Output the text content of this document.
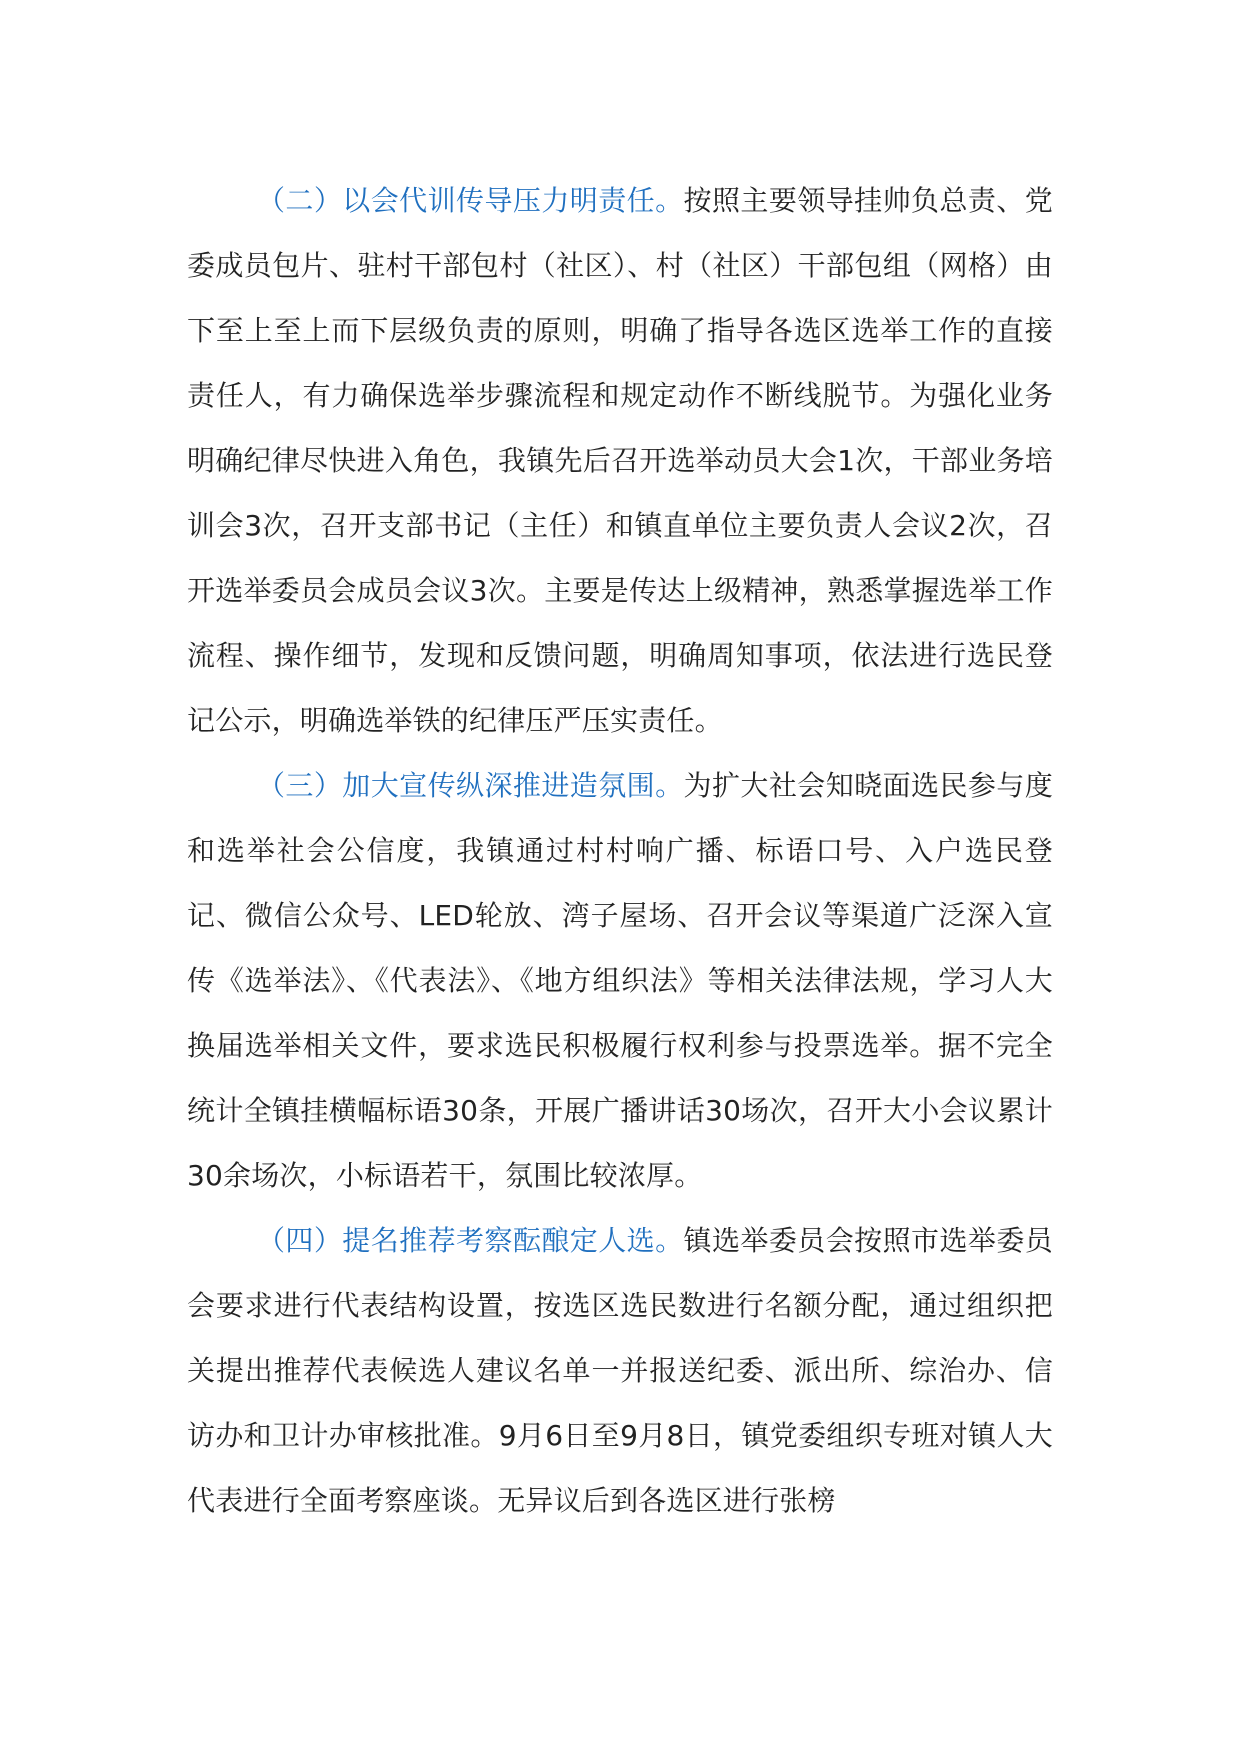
（二）以会代训传导压力明责任。按照主要领导挂帅负总责、党委成员包片、驻村干部包村（社区）、村（社区）干部包组（网格）由下至上至上而下层级负责的原则，明确了指导各选区选举工作的直接责任人，有力确保选举步骤流程和规定动作不断线脱节。为强化业务明确纪律尽快进入角色，我镇先后召开选举动员大会1次，干部业务培训会3次，召开支部书记（主任）和镇直单位主要负责人会议2次，召开选举委员会成员会议3次。主要是传达上级精神，熟悉掌握选举工作流程、操作细节，发现和反馈问题，明确周知事项，依法进行选民登记公示，明确选举铁的纪律压严压实责任。

（三）加大宣传纵深推进造氛围。为扩大社会知晓面选民参与度和选举社会公信度，我镇通过村村响广播、标语口号、入户选民登记、微信公众号、LED轮放、湾子屋场、召开会议等渠道广泛深入宣传《选举法》、《代表法》、《地方组织法》等相关法律法规，学习人大换届选举相关文件，要求选民积极履行权利参与投票选举。据不完全统计全镇挂横幅标语30条，开展广播讲话30场次，召开大小会议累计30余场次，小标语若干，氛围比较浓厚。

（四）提名推荐考察酝酿定人选。镇选举委员会按照市选举委员会要求进行代表结构设置，按选区选民数进行名额分配，通过组织把关提出推荐代表候选人建议名单一并报送纪委、派出所、综治办、信访办和卫计办审核批准。9月6日至9月8日，镇党委组织专班对镇人大代表进行全面考察座谈。无异议后到各选区进行张榜
